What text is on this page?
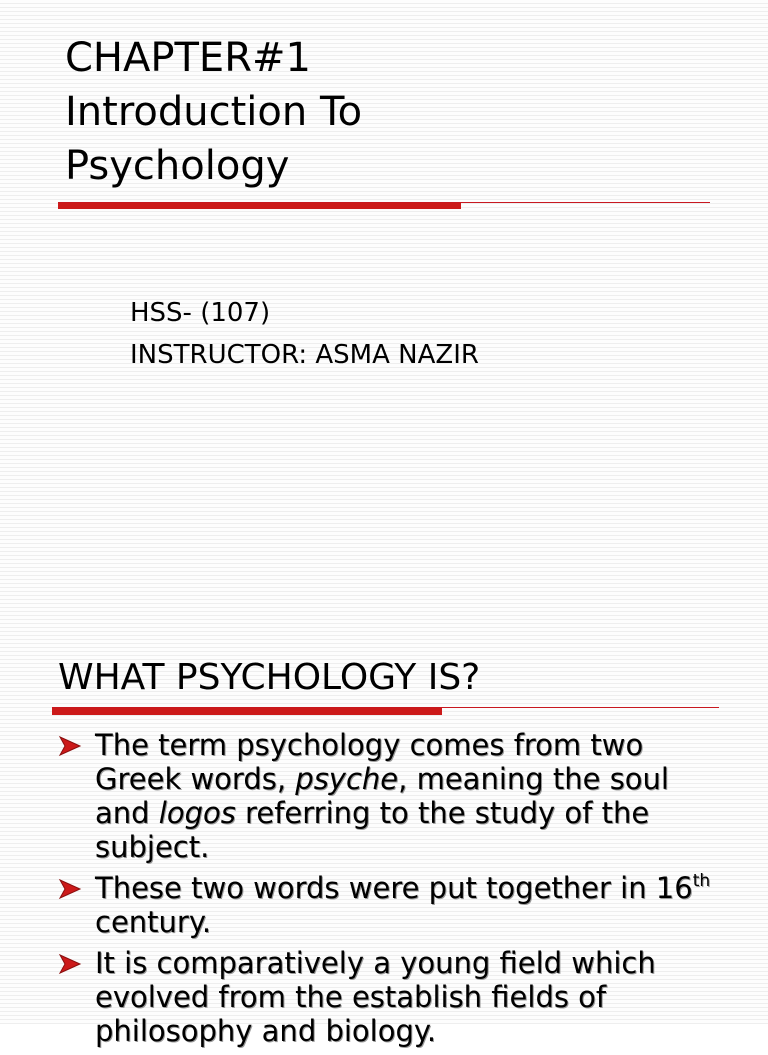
CHAPTER#1
Introduction To
Psychology
HSS- (107)
INSTRUCTOR: ASMA NAZIR
WHAT PSYCHOLOGY IS?
The term psychology comes from two Greek words, psyche, meaning the soul and logos referring to the study of the subject.
These two words were put together in 16th century.
It is comparatively a young field which evolved from the establish fields of philosophy and biology.
